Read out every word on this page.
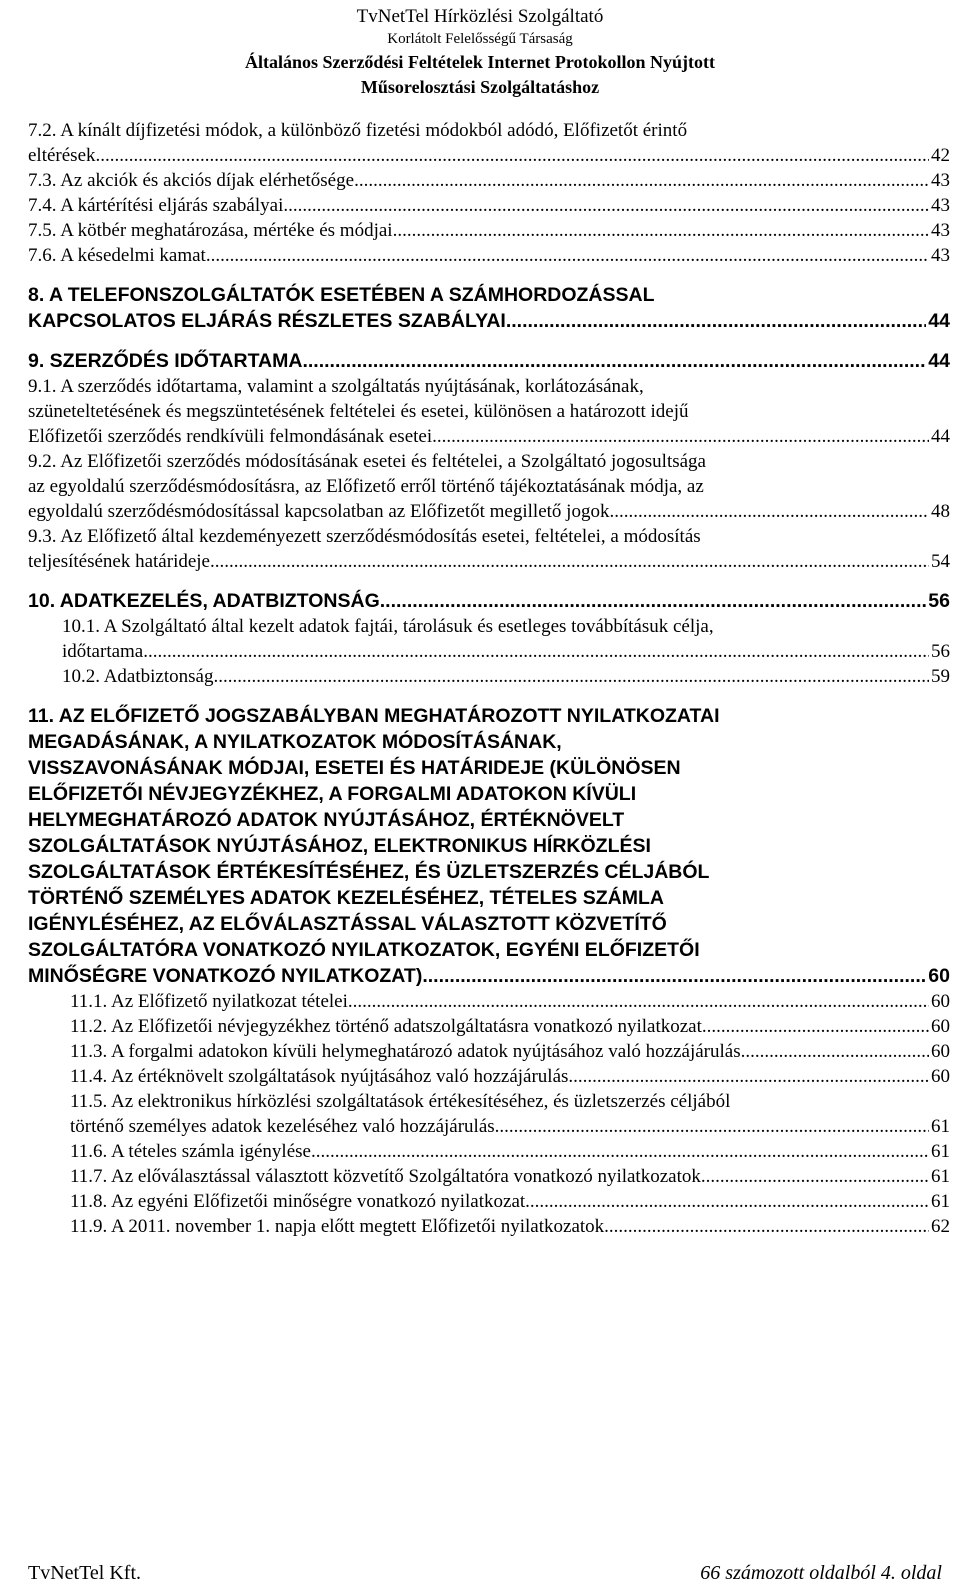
TvNetTel Hírközlési Szolgáltató
Korlátolt Felelősségű Társaság
Általános Szerződési Feltételek Internet Protokollon Nyújtott
Műsorelosztási Szolgáltatáshoz
7.2. A kínált díjfizetési módok, a különböző fizetési módokból adódó, Előfizetőt érintő
eltérések .....	42
7.3. Az akciók és akciós díjak elérhetősége .....	43
7.4. A kártérítési eljárás szabályai .....	43
7.5. A kötbér meghatározása, mértéke és módjai .....	43
7.6. A késedelmi kamat .....	43
8. A TELEFONSZOLGÁLTATÓK ESETÉBEN A SZÁMHORDOZÁSSAL
KAPCSOLATOS ELJÁRÁS RÉSZLETES SZABÁLYAI .....	44
9. SZERZŐDÉS IDŐTARTAMA .....	44
9.1. A szerződés időtartama, valamint a szolgáltatás nyújtásának, korlátozásának,
szüneteltetésének és megszüntetésének feltételei és esetei, különösen a határozott idejű
Előfizetői szerződés rendkívüli felmondásának esetei .....	44
9.2. Az Előfizetői szerződés módosításának esetei és feltételei, a Szolgáltató jogosultsága
az egyoldalú szerződésmódosításra, az Előfizető erről történő tájékoztatásának módja, az
egyoldalú szerződésmódosítással kapcsolatban az Előfizetőt megillető jogok .....	48
9.3. Az Előfizető által kezdeményezett szerződésmódosítás esetei, feltételei, a módosítás
teljesítésének határideje .....	54
10. ADATKEZELÉS, ADATBIZTONSÁG .....	56
10.1. A Szolgáltató által kezelt adatok fajtái, tárolásuk és esetleges továbbításuk célja,
időtartama .....	56
10.2. Adatbiztonság .....	59
11. AZ ELŐFIZETŐ JOGSZABÁLYBAN MEGHATÁROZOTT NYILATKOZATAI
MEGADÁSÁNAK, A NYILATKOZATOK MÓDOSÍTÁSÁNAK,
VISSZAVONÁSÁNAK MÓDJAI, ESETEI ÉS HATÁRIDEJE (KÜLÖNÖSEN
ELŐFIZETŐI NÉVJEGYZÉKHEZ, A FORGALMI ADATOKON KÍVÜLI
HELYMEGHATÁROZÓ ADATOK NYÚJTÁSÁHOZ, ÉRTÉKNÖVELT
SZOLGÁLTATÁSOK NYÚJTÁSÁHOZ, ELEKTRONIKUS HÍRKÖZLÉSI
SZOLGÁLTATÁSOK ÉRTÉKESÍTÉSÉHEZ, ÉS ÜZLETSZERZÉS CÉLJÁBÓL
TÖRTÉNŐ SZEMÉLYES ADATOK KEZELÉSÉHEZ, TÉTELES SZÁMLA
IGÉNYLÉSÉHEZ, AZ ELŐVÁLASZTÁSSAL VÁLASZTOTT KÖZVETÍTŐ
SZOLGÁLTATÓRA VONATKOZÓ NYILATKOZATOK, EGYÉNI ELŐFIZETŐI
MINŐSÉGRE VONATKOZÓ NYILATKOZAT) .....	60
11.1. Az Előfizető nyilatkozat tételei .....	60
11.2. Az Előfizetői névjegyzékhez történő adatszolgáltatásra vonatkozó nyilatkozat .....	60
11.3. A forgalmi adatokon kívüli helymeghatározó adatok nyújtásához való hozzájárulás .....	60
11.4. Az értéknövelt szolgáltatások nyújtásához való hozzájárulás .....	60
11.5. Az elektronikus hírközlési szolgáltatások értékesítéséhez, és üzletszerzés céljából
történő személyes adatok kezeléséhez való hozzájárulás .....	61
11.6. A tételes számla igénylése .....	61
11.7. Az előválasztással választott közvetítő Szolgáltatóra vonatkozó nyilatkozatok .....	61
11.8. Az egyéni Előfizetői minőségre vonatkozó nyilatkozat .....	61
11.9. A 2011. november 1. napja előtt megtett Előfizetői nyilatkozatok .....	62
TvNetTel Kft.	66 számozott oldalból 4. oldal
